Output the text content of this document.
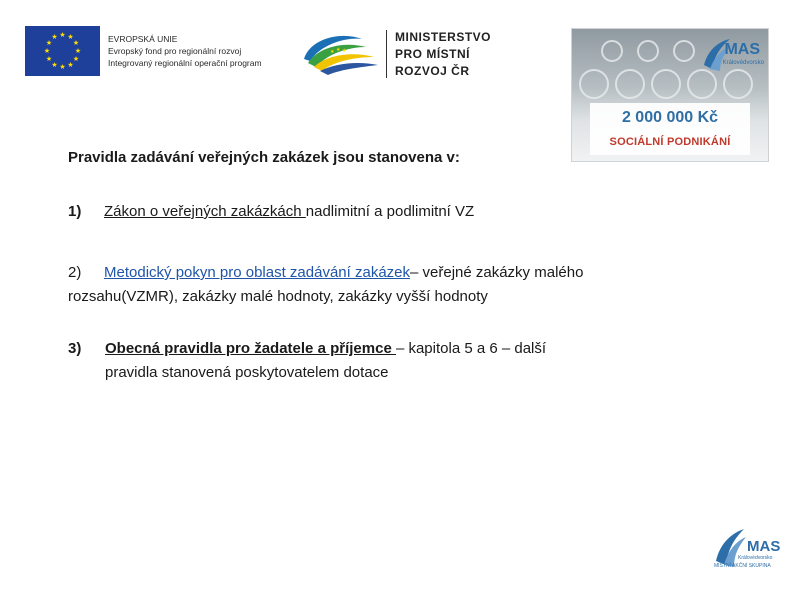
★ ★
★
★
★
★
★
★
★
★
★
★	EVROPSKÁ UNIE
Evropský fond pro regionální rozvoj
Integrovaný regionální operační program
★ ★ ★
MINISTERSTVO
PRO MÍSTNÍ
ROZVOJ ČR
MAS
Královédvorsko
2 000 000 Kč
SOCIÁLNÍ PODNIKÁNÍ
Pravidla zadávání veřejných zakázek jsou stanovena v:
1) Zákon o veřejných zakázkách nadlimitní a podlimitní VZ
2) Metodický pokyn pro oblast zadávání zakázek– veřejné zakázky malého
rozsahu(VZMR), zakázky malé hodnoty, zakázky vyšší hodnoty
3) Obecná pravidla pro žadatele a příjemce – kapitola 5 a 6 – další
pravidla stanovená poskytovatelem dotace
MAS
Královédvorsko
MÍSTNÍ AKČNÍ SKUPINA
